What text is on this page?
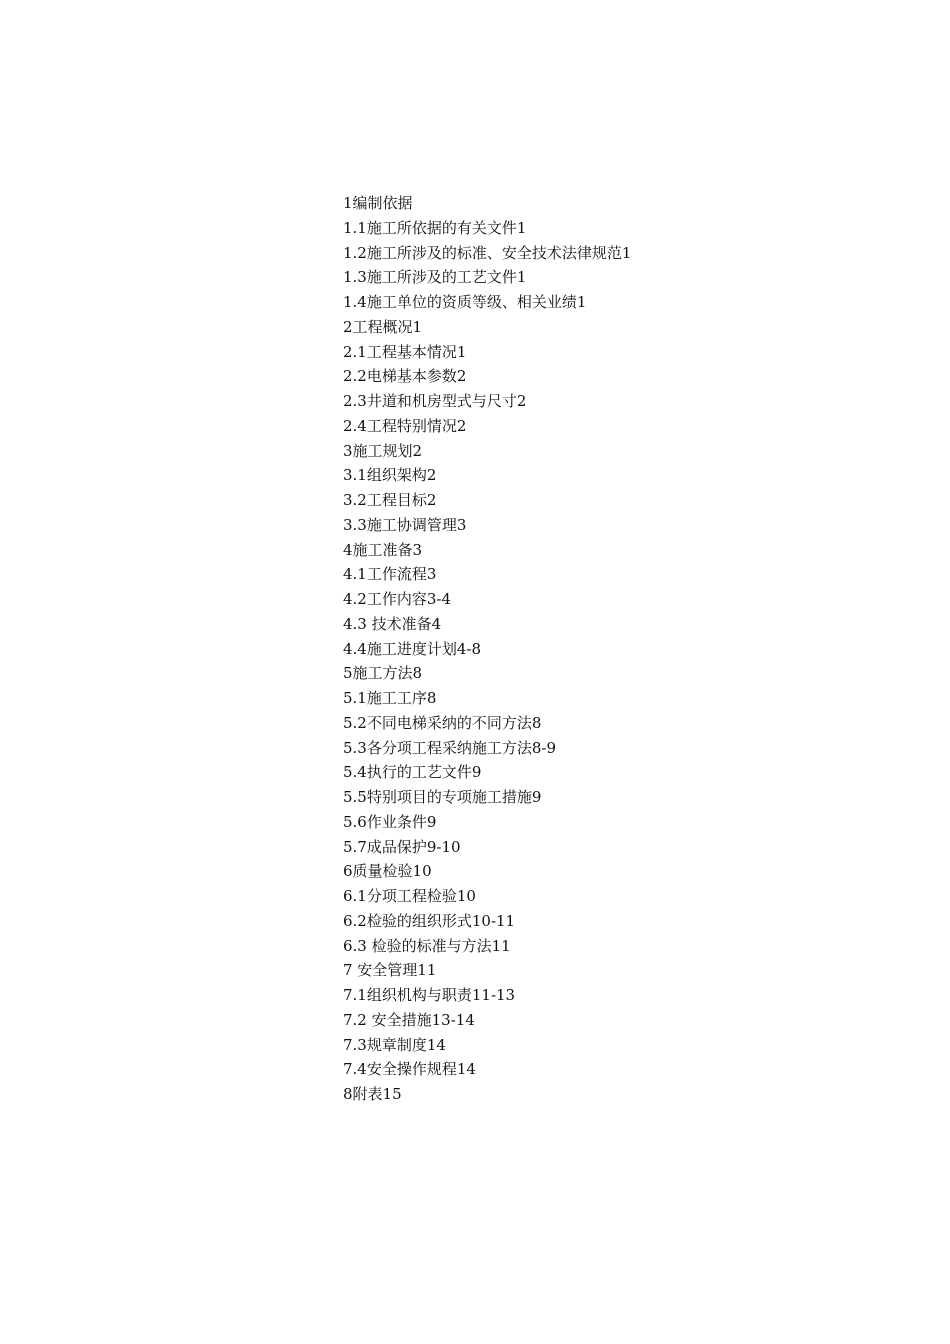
1编制依据
1.1施工所依据的有关文件1
1.2施工所涉及的标准、安全技术法律规范1
1.3施工所涉及的工艺文件1
1.4施工单位的资质等级、相关业绩1
2工程概况1
2.1工程基本情况1
2.2电梯基本参数2
2.3井道和机房型式与尺寸2
2.4工程特别情况2
3施工规划2
3.1组织架构2
3.2工程目标2
3.3施工协调管理3
4施工准备3
4.1工作流程3
4.2工作内容3-4
4.3 技术准备4
4.4施工进度计划4-8
5施工方法8
5.1施工工序8
5.2不同电梯采纳的不同方法8
5.3各分项工程采纳施工方法8-9
5.4执行的工艺文件9
5.5特别项目的专项施工措施9
5.6作业条件9
5.7成品保护9-10
6质量检验10
6.1分项工程检验10
6.2检验的组织形式10-11
6.3 检验的标准与方法11
7 安全管理11
7.1组织机构与职责11-13
7.2 安全措施13-14
7.3规章制度14
7.4安全操作规程14
8附表15
